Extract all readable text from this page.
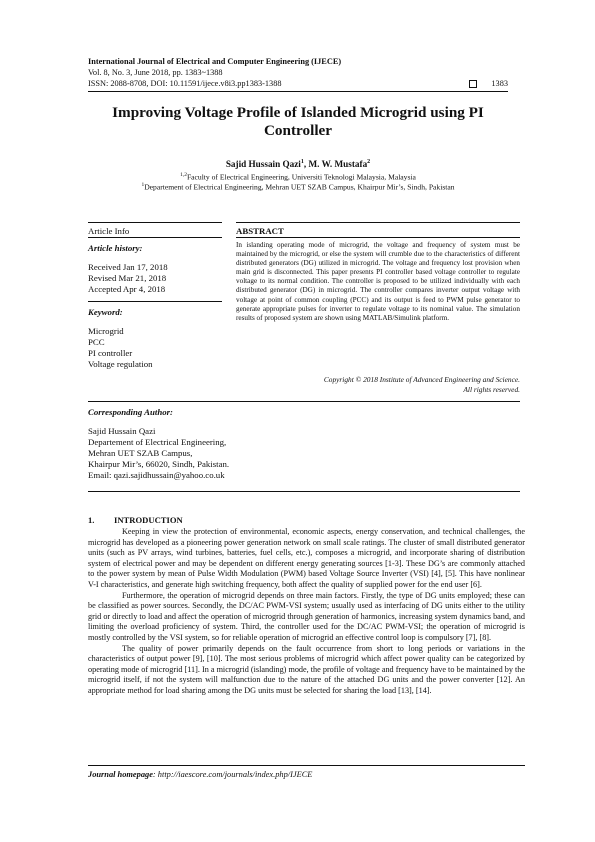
International Journal of Electrical and Computer Engineering (IJECE)
Vol. 8, No. 3, June 2018, pp. 1383~1388
ISSN: 2088-8708, DOI: 10.11591/ijece.v8i3.pp1383-1388	1383
Improving Voltage Profile of Islanded Microgrid using PI Controller
Sajid Hussain Qazi$^1$, M. W. Mustafa$^2$
$^{1,2}$Faculty of Electrical Engineering, Universiti Teknologi Malaysia, Malaysia
$^1$Departement of Electrical Engineering, Mehran UET SZAB Campus, Khairpur Mir’s, Sindh, Pakistan
Article Info	ABSTRACT
Article history:
Received Jan 17, 2018
Revised Mar 21, 2018
Accepted Apr 4, 2018
Keyword:
Microgrid
PCC
PI controller
Voltage regulation
In islanding operating mode of microgrid, the voltage and frequency of system must be maintained by the microgrid, or else the system will crumble due to the characteristics of different distributed generators (DG) utilized in microgrid. The voltage and frequency lost provision when main grid is disconnected. This paper presents PI controller based voltage controller to regulate voltage to its normal condition. The controller is proposed to be utilized individually with each distributed generator (DG) in microgrid. The controller compares inverter output voltage with voltage at point of common coupling (PCC) and its output is feed to PWM pulse generator to generate appropriate pulses for inverter to regulate voltage to its nominal value. The simulation results of proposed system are shown using MATLAB/Simulink platform.
Copyright © 2018 Institute of Advanced Engineering and Science.
All rights reserved.
Corresponding Author:
Sajid Hussain Qazi
Departement of Electrical Engineering,
Mehran UET SZAB Campus,
Khairpur Mir’s, 66020, Sindh, Pakistan.
Email: qazi.sajidhussain@yahoo.co.uk
1. INTRODUCTION

Keeping in view the protection of environmental, economic aspects, energy conservation, and technical challenges, the microgrid has developed as a pioneering power generation network on small scale ratings. The cluster of small distributed generator units (such as PV arrays, wind turbines, batteries, fuel cells, etc.), composes a microgrid, and incorporate sharing of distribution system of electrical power and may be dependent on different energy generating sources [1-3]. These DG’s are commonly attached to the power system by mean of Pulse Width Modulation (PWM) based Voltage Source Inverter (VSI) [4], [5]. This have nonlinear V-I characteristics, and generate high switching frequency, both affect the quality of supplied power for the end user [6].

Furthermore, the operation of microgrid depends on three main factors. Firstly, the type of DG units employed; these can be classified as power sources. Secondly, the DC/AC PWM-VSI system; usually used as interfacing of DG units either to the utility grid or directly to load and affect the operation of microgrid through generation of harmonics, increasing system dynamics band, and limiting the overload proficiency of system. Third, the controller used for the DC/AC PWM-VSI; the operation of microgrid is mostly controlled by the VSI system, so for reliable operation of microgrid an effective control loop is compulsory [7], [8].

The quality of power primarily depends on the fault occurrence from short to long periods or variations in the characteristics of output power [9], [10]. The most serious problems of microgrid which affect power quality can be categorized by operating mode of microgrid [11]. In a microgrid (islanding) mode, the profile of voltage and frequency have to be maintained by the microgrid itself, if not the system will malfunction due to the nature of the attached DG units and the power converter [12]. An appropriate method for load sharing among the DG units must be selected for sharing the load [13], [14].

Journal homepage: http://iaescore.com/journals/index.php/IJECE
